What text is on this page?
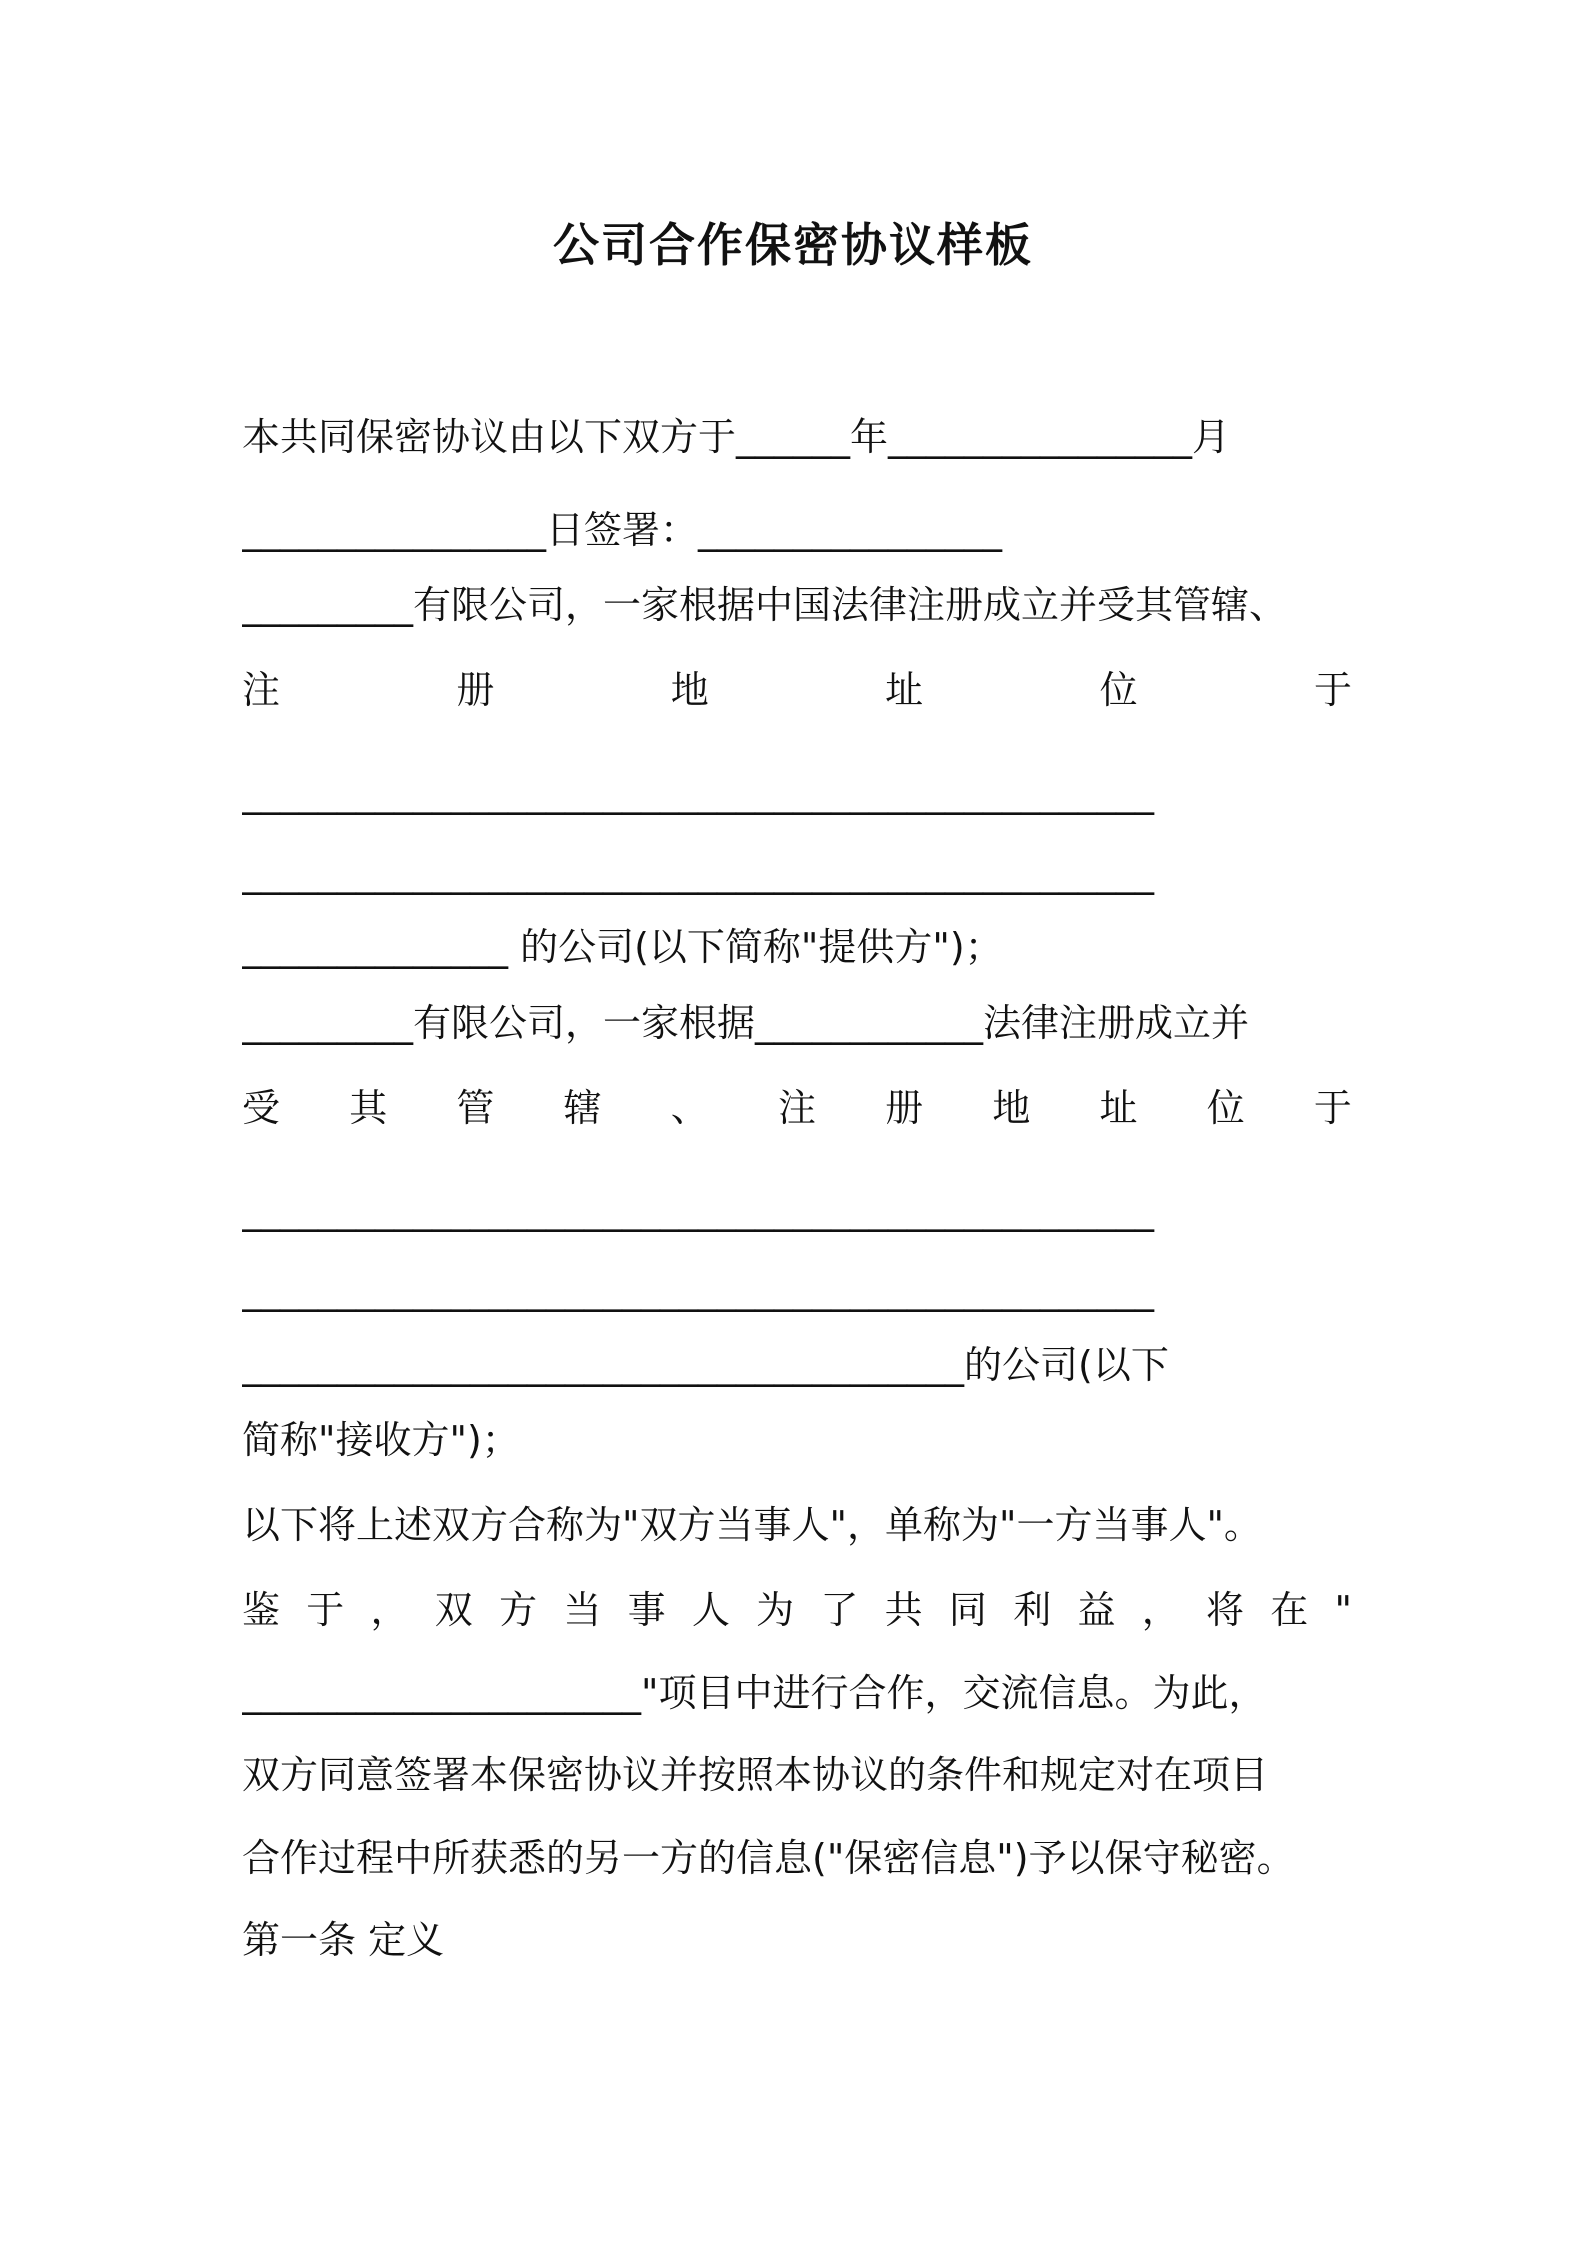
公司合作保密协议样板
本共同保密协议由以下双方于______年________________月
________________日签署：________________
_________有限公司，一家根据中国法律注册成立并受其管辖、
注	册	地	址	位	于
________________________________________________
________________________________________________
______________ 的公司(以下简称"提供方")；
_________有限公司，一家根据____________法律注册成立并
受 其 管 辖 、 注 册 地 址 位 于
________________________________________________
________________________________________________
______________________________________的公司(以下
简称"接收方")；
以下将上述双方合称为"双方当事人"，单称为"一方当事人"。
鉴 于 ， 双 方 当 事 人 为 了 共 同 利 益 ， 将 在 "
_____________________"项目中进行合作，交流信息。为此，
双方同意签署本保密协议并按照本协议的条件和规定对在项目
合作过程中所获悉的另一方的信息("保密信息")予以保守秘密。
第一条 定义
